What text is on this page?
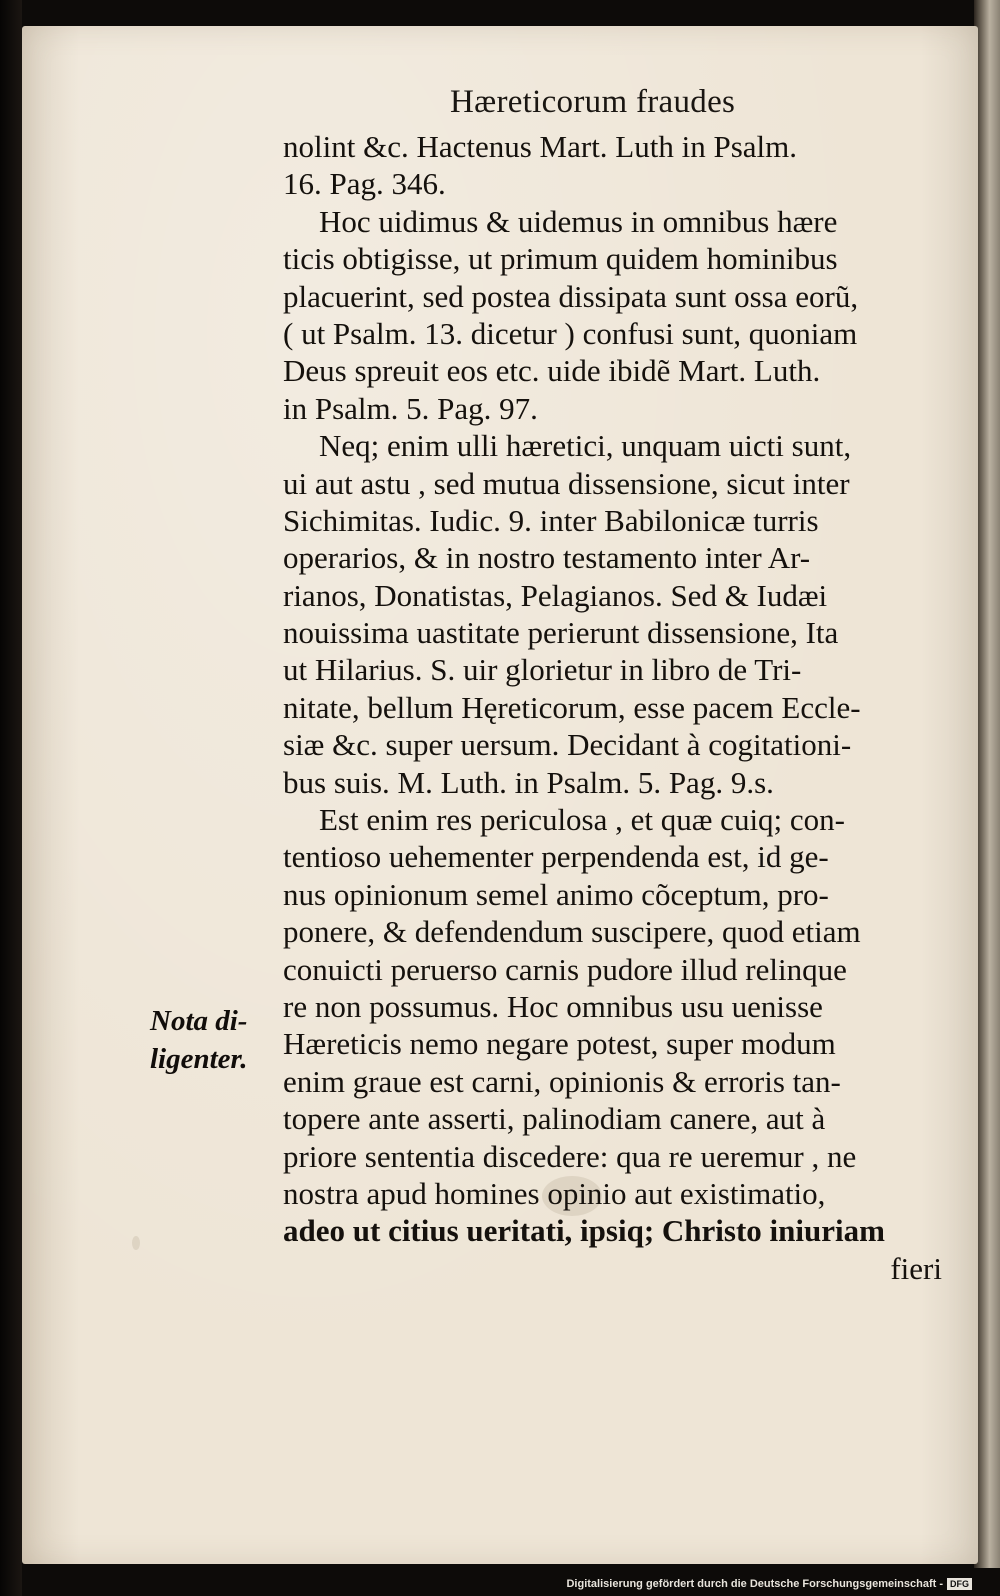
Hæreticorum fraudes
nolint &c. Hactenus Mart. Luth in Psalm.
16. Pag. 346.
Hoc uidimus & uidemus in omnibus hære
ticis obtigisse, ut primum quidem hominibus
placuerint, sed postea dissipata sunt ossa eorũ,
( ut Psalm. 13. dicetur ) confusi sunt, quoniam
Deus spreuit eos etc. uide ibidẽ Mart. Luth.
in Psalm. 5. Pag. 97.
Neq; enim ulli hæretici, unquam uicti sunt,
ui aut astu , sed mutua dissensione, sicut inter
Sichimitas. Iudic. 9. inter Babilonicæ turris
operarios, & in nostro testamento inter Ar-
rianos, Donatistas, Pelagianos. Sed & Iudæi
nouissima uastitate perierunt dissensione, Ita
ut Hilarius. S. uir glorietur in libro de Tri-
nitate, bellum Hęreticorum, esse pacem Eccle-
siæ &c. super uersum. Decidant à cogitationi-
bus suis. M. Luth. in Psalm. 5. Pag. 9.s.
Est enim res periculosa , et quæ cuiq; con-
tentioso uehementer perpendenda est, id ge-
nus opinionum semel animo cõceptum, pro-
ponere, & defendendum suscipere, quod etiam
conuicti peruerso carnis pudore illud relinque
re non possumus. Hoc omnibus usu uenisse
Hæreticis nemo negare potest, super modum
enim graue est carni, opinionis & erroris tan-
topere ante asserti, palinodiam canere, aut à
priore sententia discedere: qua re ueremur , ne
nostra apud homines opinio aut existimatio,
adeo ut citius ueritati, ipsiq; Christo iniuriam
fieri
Nota di-
ligenter.
Digitalisierung gefördert durch die Deutsche Forschungsgemeinschaft - DFG
